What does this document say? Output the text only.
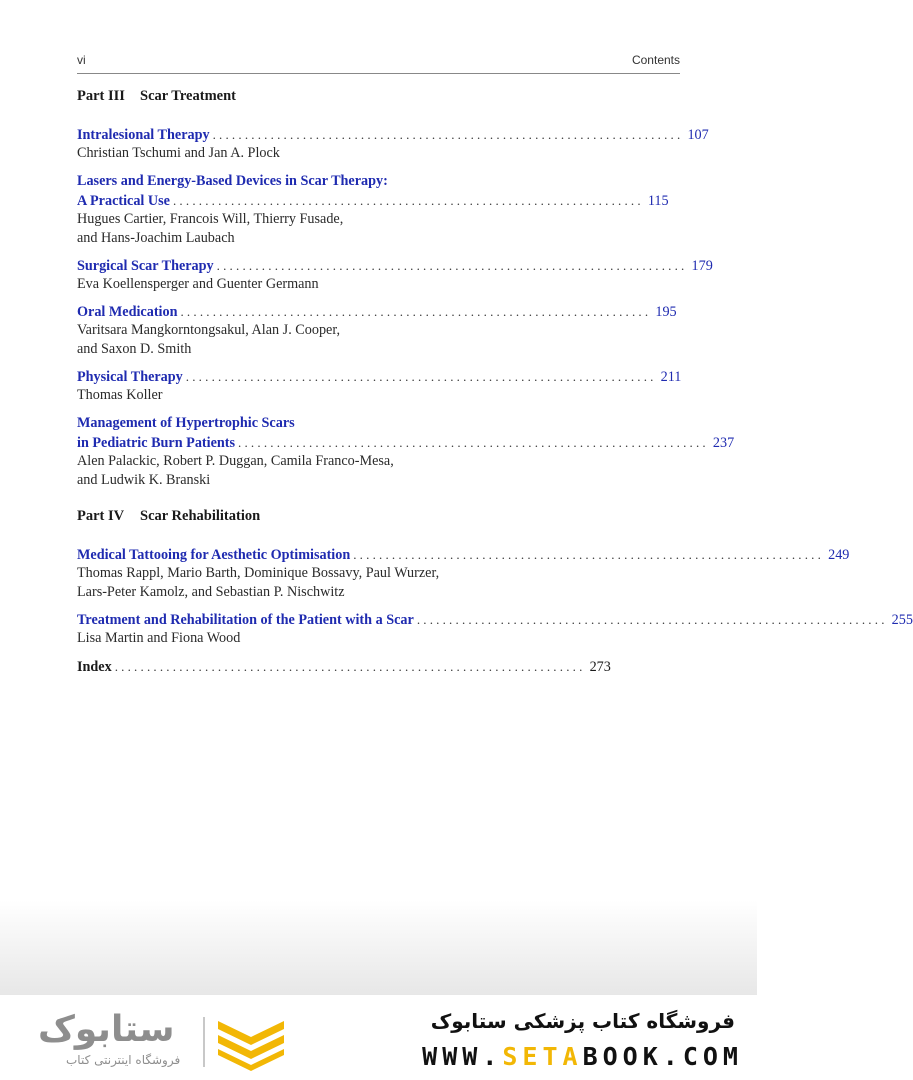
vi	Contents
Part III Scar Treatment
Intralesional Therapy ......................................................................... 107
Christian Tschumi and Jan A. Plock
Lasers and Energy-Based Devices in Scar Therapy:
A Practical Use ......................................................................... 115
Hugues Cartier, Francois Will, Thierry Fusade,
and Hans-Joachim Laubach
Surgical Scar Therapy ......................................................................... 179
Eva Koellensperger and Guenter Germann
Oral Medication ......................................................................... 195
Varitsara Mangkorntongsakul, Alan J. Cooper,
and Saxon D. Smith
Physical Therapy ......................................................................... 211
Thomas Koller
Management of Hypertrophic Scars
in Pediatric Burn Patients ......................................................................... 237
Alen Palackic, Robert P. Duggan, Camila Franco-Mesa,
and Ludwik K. Branski
Part IV Scar Rehabilitation
Medical Tattooing for Aesthetic Optimisation ......................................................................... 249
Thomas Rappl, Mario Barth, Dominique Bossavy, Paul Wurzer,
Lars-Peter Kamolz, and Sebastian P. Nischwitz
Treatment and Rehabilitation of the Patient with a Scar ......................................................................... 255
Lisa Martin and Fiona Wood
Index ......................................................................... 273
ستابوک
فروشگاه اینترنتی کتاب
فروشگاه کتاب پزشکی ستابوک
WWW.SETABOOK.COM
